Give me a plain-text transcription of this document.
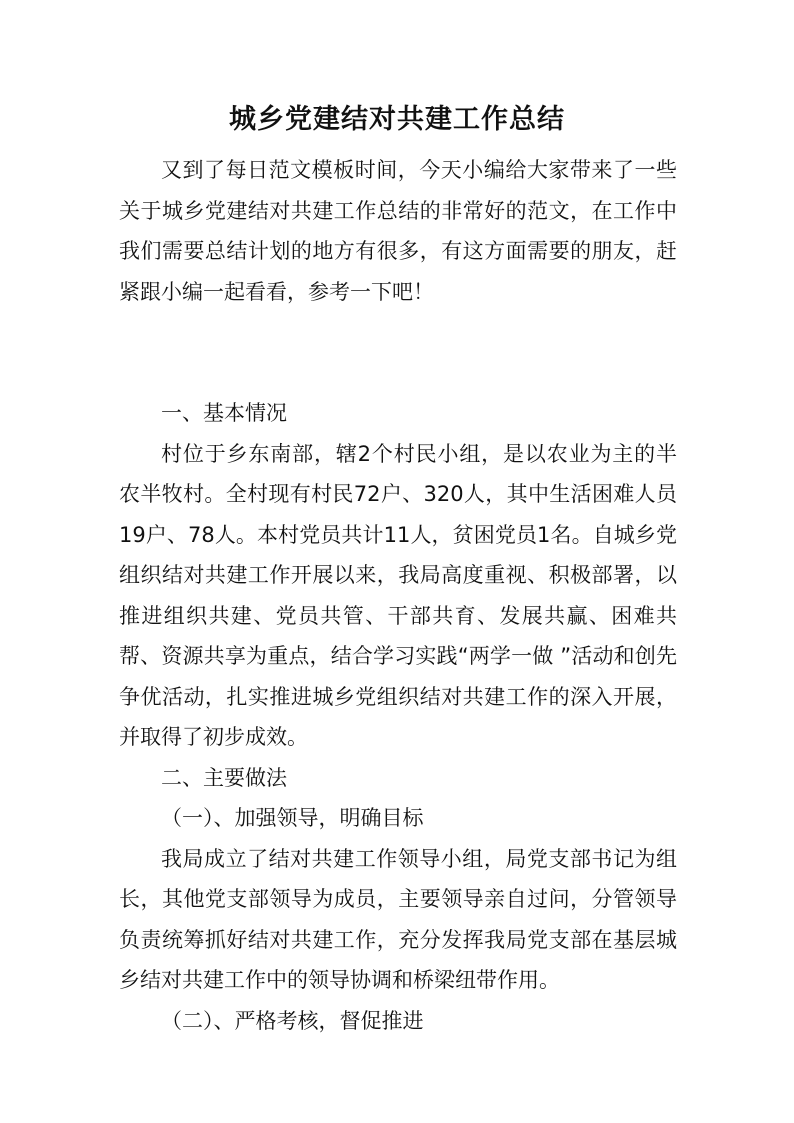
城乡党建结对共建工作总结

又到了每日范文模板时间，今天小编给大家带来了一些关于城乡党建结对共建工作总结的非常好的范文，在工作中我们需要总结计划的地方有很多，有这方面需要的朋友，赶紧跟小编一起看看，参考一下吧！

一、基本情况

村位于乡东南部，辖2个村民小组，是以农业为主的半农半牧村。全村现有村民72户、320人，其中生活困难人员19户、78人。本村党员共计11人，贫困党员1名。自城乡党组织结对共建工作开展以来，我局高度重视、积极部署，以推进组织共建、党员共管、干部共育、发展共赢、困难共帮、资源共享为重点，结合学习实践“两学一做 ”活动和创先争优活动，扎实推进城乡党组织结对共建工作的深入开展，并取得了初步成效。

二、主要做法

（一）、加强领导，明确目标

我局成立了结对共建工作领导小组，局党支部书记为组长，其他党支部领导为成员，主要领导亲自过问，分管领导负责统筹抓好结对共建工作，充分发挥我局党支部在基层城乡结对共建工作中的领导协调和桥梁纽带作用。

（二）、严格考核，督促推进
